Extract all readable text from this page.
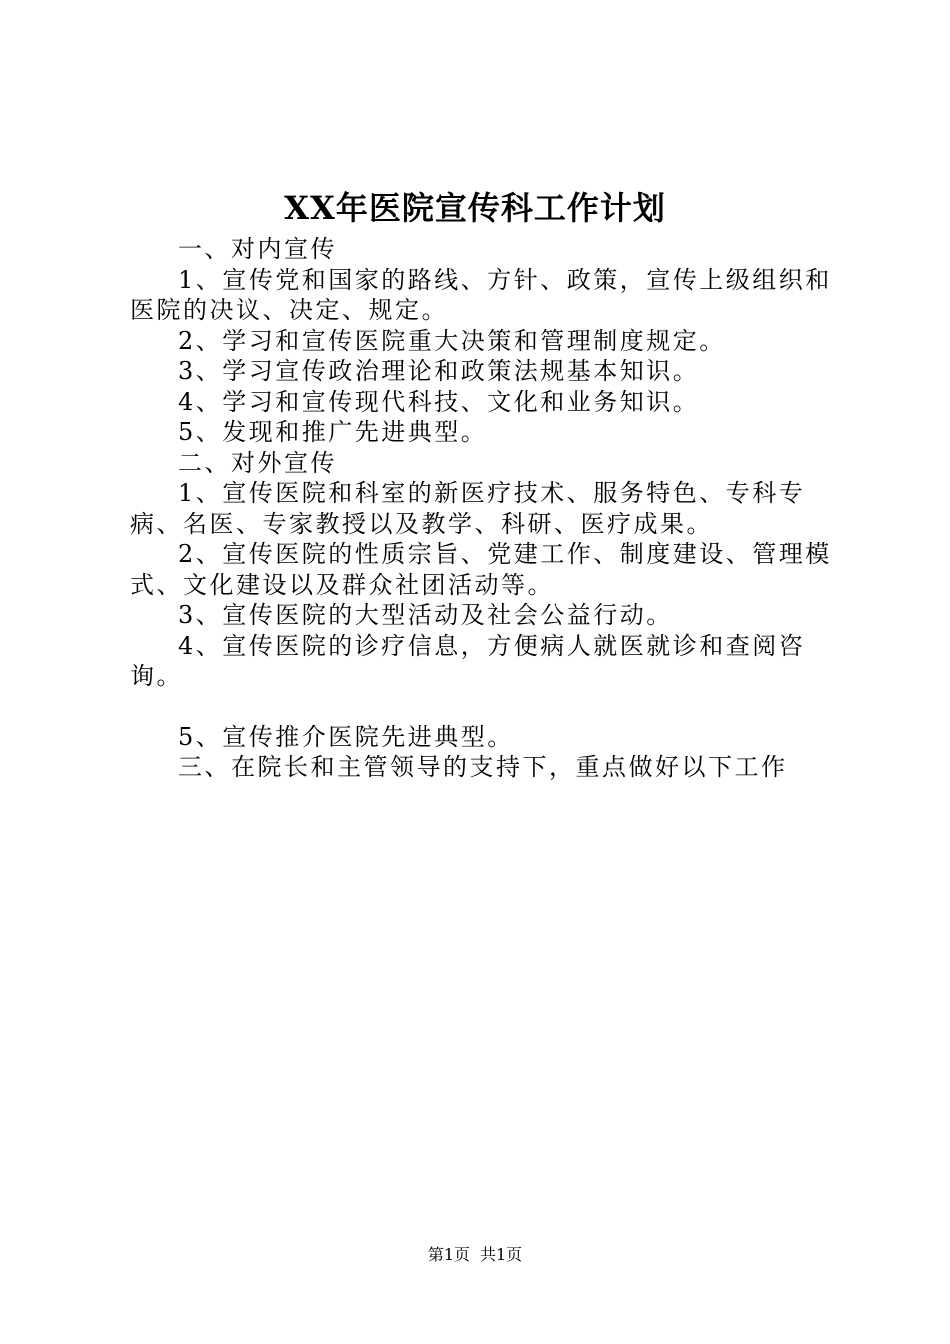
XX年医院宣传科工作计划

一、对内宣传

1、宣传党和国家的路线、方针、政策，宣传上级组织和医院的决议、决定、规定。

2、学习和宣传医院重大决策和管理制度规定。

3、学习宣传政治理论和政策法规基本知识。

4、学习和宣传现代科技、文化和业务知识。

5、发现和推广先进典型。

二、对外宣传

1、宣传医院和科室的新医疗技术、服务特色、专科专病、名医、专家教授以及教学、科研、医疗成果。

2、宣传医院的性质宗旨、党建工作、制度建设、管理模式、文化建设以及群众社团活动等。

3、宣传医院的大型活动及社会公益行动。

4、宣传医院的诊疗信息，方便病人就医就诊和查阅咨询。

5、宣传推介医院先进典型。

三、在院长和主管领导的支持下，重点做好以下工作

第1页 共1页
